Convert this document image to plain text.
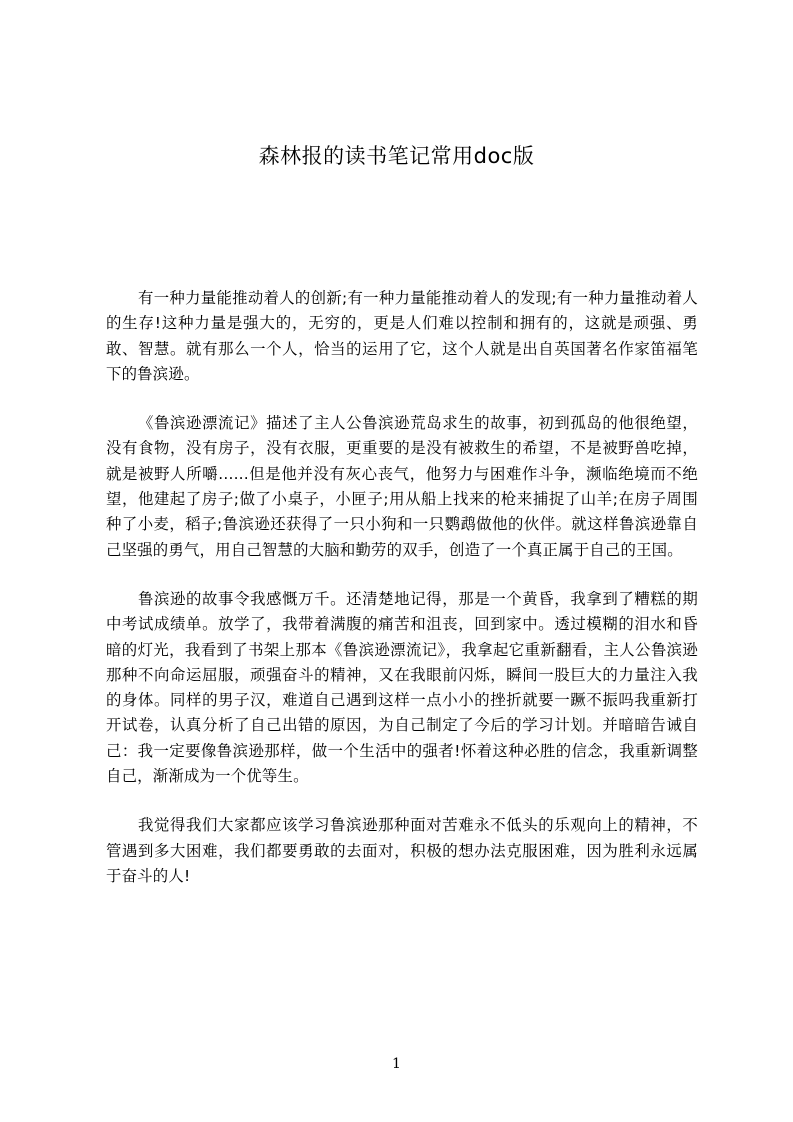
森林报的读书笔记常用doc版

有一种力量能推动着人的创新;有一种力量能推动着人的发现;有一种力量推动着人的生存!这种力量是强大的，无穷的，更是人们难以控制和拥有的，这就是顽强、勇敢、智慧。就有那么一个人，恰当的运用了它，这个人就是出自英国著名作家笛福笔下的鲁滨逊。

《鲁滨逊漂流记》描述了主人公鲁滨逊荒岛求生的故事，初到孤岛的他很绝望，没有食物，没有房子，没有衣服，更重要的是没有被救生的希望，不是被野兽吃掉，就是被野人所嚼......但是他并没有灰心丧气，他努力与困难作斗争，濒临绝境而不绝望，他建起了房子;做了小桌子，小匣子;用从船上找来的枪来捕捉了山羊;在房子周围种了小麦，稻子;鲁滨逊还获得了一只小狗和一只鹦鹉做他的伙伴。就这样鲁滨逊靠自己坚强的勇气，用自己智慧的大脑和勤劳的双手，创造了一个真正属于自己的王国。

鲁滨逊的故事令我感慨万千。还清楚地记得，那是一个黄昏，我拿到了糟糕的期中考试成绩单。放学了，我带着满腹的痛苦和沮丧，回到家中。透过模糊的泪水和昏暗的灯光，我看到了书架上那本《鲁滨逊漂流记》，我拿起它重新翻看，主人公鲁滨逊那种不向命运屈服，顽强奋斗的精神，又在我眼前闪烁，瞬间一股巨大的力量注入我的身体。同样的男子汉，难道自己遇到这样一点小小的挫折就要一蹶不振吗我重新打开试卷，认真分析了自己出错的原因，为自己制定了今后的学习计划。并暗暗告诫自己：我一定要像鲁滨逊那样，做一个生活中的强者!怀着这种必胜的信念，我重新调整自己，渐渐成为一个优等生。

我觉得我们大家都应该学习鲁滨逊那种面对苦难永不低头的乐观向上的精神，不管遇到多大困难，我们都要勇敢的去面对，积极的想办法克服困难，因为胜利永远属于奋斗的人!

1
